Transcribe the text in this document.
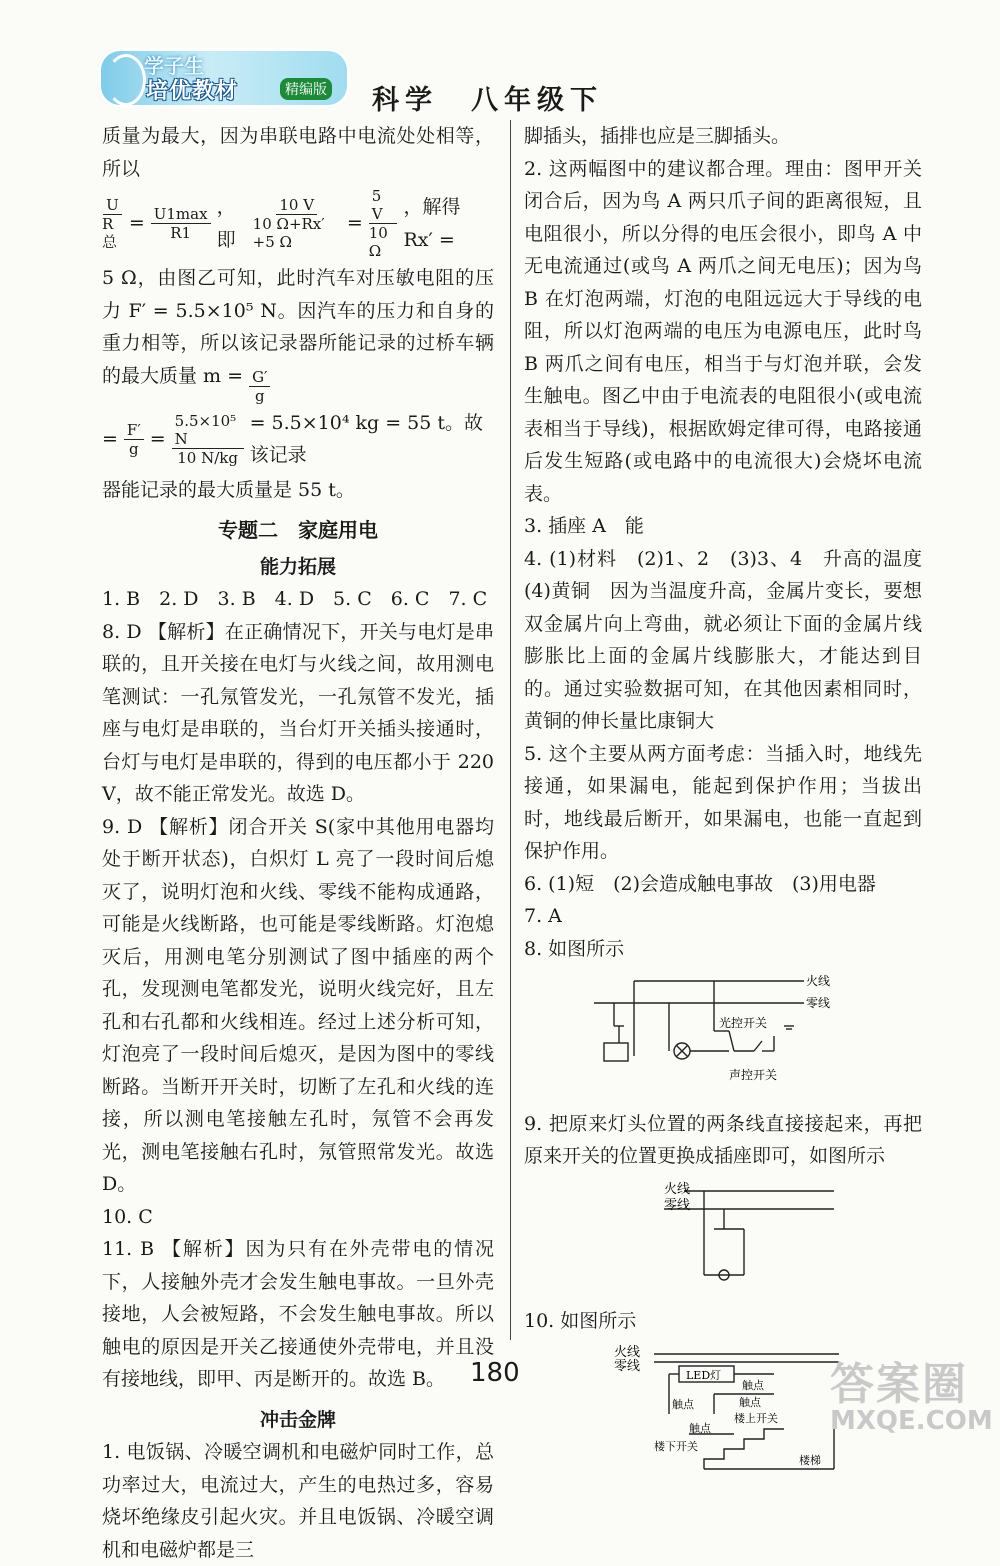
学子生
培优教材	精编版 科学　八年级下

质量为最大，因为串联电路中电流处处相等，所以

$\frac{U}{\text{R总}} = \frac{U1\max}{R1}$ ，即	$\frac{10 V}{10 \Omega+Rx'+5 \Omega} = \frac{5 V}{10 \Omega}$ ，解得 Rx′ =

5 Ω，由图乙可知，此时汽车对压敏电阻的压力 F′ = 5.5×10⁵ N。因汽车的压力和自身的重力相等，所以该记录器所能记录的过桥车辆的最大质量 $m = \frac{G'}{g}$

= $\frac{F'}{g} = \frac{\text{5.5×10⁵ N}}{10 N/kg} = 5.5\times 10^4$ kg = 55 t。故该记录

器能记录的最大质量是 55 t。

专题二　家庭用电
能力拓展

1. B　2. D　3. B　4. D　5. C　6. C　7. C

8. D 【解析】在正确情况下，开关与电灯是串联的，且开关接在电灯与火线之间，故用测电笔测试：一孔氖管发光，一孔氖管不发光，插座与电灯是串联的，当台灯开关插头接通时，台灯与电灯是串联的，得到的电压都小于 220 V，故不能正常发光。故选 D。

9. D 【解析】闭合开关 S(家中其他用电器均处于断开状态)，白炽灯 L 亮了一段时间后熄灭了，说明灯泡和火线、零线不能构成通路，可能是火线断路，也可能是零线断路。灯泡熄灭后，用测电笔分别测试了图中插座的两个孔，发现测电笔都发光，说明火线完好，且左孔和右孔都和火线相连。经过上述分析可知，灯泡亮了一段时间后熄灭，是因为图中的零线断路。当断开开关时，切断了左孔和火线的连接，所以测电笔接触左孔时，氖管不会再发光，测电笔接触右孔时，氖管照常发光。故选 D。

10. C

11. B 【解析】因为只有在外壳带电的情况下，人接触外壳才会发生触电事故。一旦外壳接地，人会被短路，不会发生触电事故。所以触电的原因是开关乙接通使外壳带电，并且没有接地线，即甲、丙是断开的。故选 B。

冲击金牌

1. 电饭锅、冷暖空调机和电磁炉同时工作，总功率过大，电流过大，产生的电热过多，容易烧坏绝缘皮引起火灾。并且电饭锅、冷暖空调机和电磁炉都是三

脚插头，插排也应是三脚插头。

2. 这两幅图中的建议都合理。理由：图甲开关闭合后，因为鸟 A 两只爪子间的距离很短，且电阻很小，所以分得的电压会很小，即鸟 A 中无电流通过(或鸟 A 两爪之间无电压)；因为鸟 B 在灯泡两端，灯泡的电阻远远大于导线的电阻，所以灯泡两端的电压为电源电压，此时鸟 B 两爪之间有电压，相当于与灯泡并联，会发生触电。图乙中由于电流表的电阻很小(或电流表相当于导线)，根据欧姆定律可得，电路接通后发生短路(或电路中的电流很大)会烧坏电流表。

3. 插座 A　能

4. (1)材料　(2)1、2　(3)3、4　升高的温度　(4)黄铜　因为当温度升高，金属片变长，要想双金属片向上弯曲，就必须让下面的金属片线膨胀比上面的金属片线膨胀大，才能达到目的。通过实验数据可知，在其他因素相同时，黄铜的伸长量比康铜大

5. 这个主要从两方面考虑：当插入时，地线先接通，如果漏电，能起到保护作用；当拔出时，地线最后断开，如果漏电，也能一直起到保护作用。

6. (1)短　(2)会造成触电事故　(3)用电器

7. A

8. 如图所示

火线
零线
光控开关
声控开关

9. 把原来灯头位置的两条线直接接起来，再把原来开关的位置更换成插座即可，如图所示

火线
零线

10. 如图所示

火线
零线
LED灯
触点
触点	触点
楼上开关
触点
楼下开关
楼梯
180	答案圈
MXQE.COM
